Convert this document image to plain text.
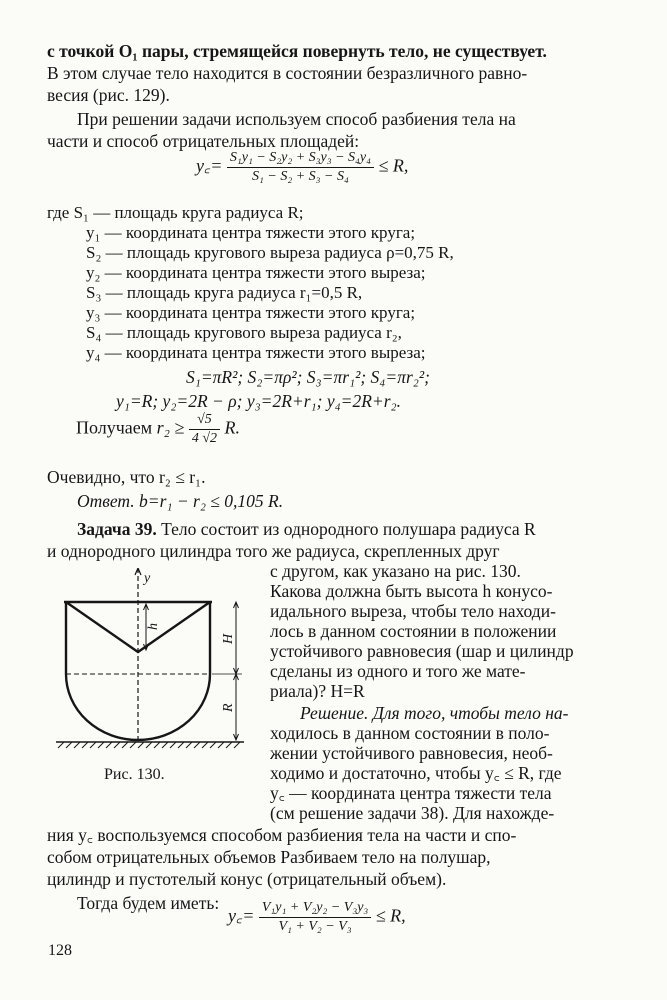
с точкой O₁ пары, стремящейся повернуть тело, не существует.
В этом случае тело находится в состоянии безразличного равно-
весия (рис. 129).
При решении задачи используем способ разбиения тела на
части и способ отрицательных площадей:
y꜀= $\frac{\text{S₁y₁ − S₂y₂ + S₃y₃ − S₄y₄}}{\text{S₁ − S₂ + S₃ − S₄}} \le R$,
где S₁ — площадь круга радиуса R;
y₁ — координата центра тяжести этого круга;
S₂ — площадь кругового выреза радиуса ρ=0,75 R,
y₂ — координата центра тяжести этого выреза;
S₃ — площадь круга радиуса r₁=0,5 R,
y₃ — координата центра тяжести этого круга;
S₄ — площадь кругового выреза радиуса r₂,
y₄ — координата центра тяжести этого выреза;
S₁=πR²; S₂=πρ²; S₃=πr₁²; S₄=πr₂²;
y₁=R; y₂=2R − ρ; y₃=2R+r₁; y₄=2R+r₂.
Получаем $r_2 \ge \frac{√5}{4 √2} R$.
Очевидно, что r₂ ≤ r₁.
Ответ. b=r₁ − r₂ ≤ 0,105 R.
Задача 39. Тело состоит из однородного полушара радиуса R
и однородного цилиндра того же радиуса, скрепленных друг
с другом, как указано на рис. 130.
Какова должна быть высота h конусо-
идального выреза, чтобы тело находи-
лось в данном состоянии в положении
устойчивого равновесия (шар и цилиндр
сделаны из одного и того же мате-
риала)? H=R
Решение. Для того, чтобы тело на-
ходилось в данном состоянии в поло-
жении устойчивого равновесия, необ-
ходимо и достаточно, чтобы y꜀ ≤ R, где
y꜀ — координата центра тяжести тела
(см решение задачи 38). Для нахожде-
ния y꜀ воспользуемся способом разбиения тела на части и спо-
собом отрицательных объемов Разбиваем тело на полушар,
цилиндр и пустотелый конус (отрицательный объем).
Тогда будем иметь:
y꜀= $\frac{\text{V₁y₁ + V₂y₂ − V₃y₃}}{\text{V₁ + V₂ − V₃}} \le R$,
y
h
H
R
Рис. 130.
128
